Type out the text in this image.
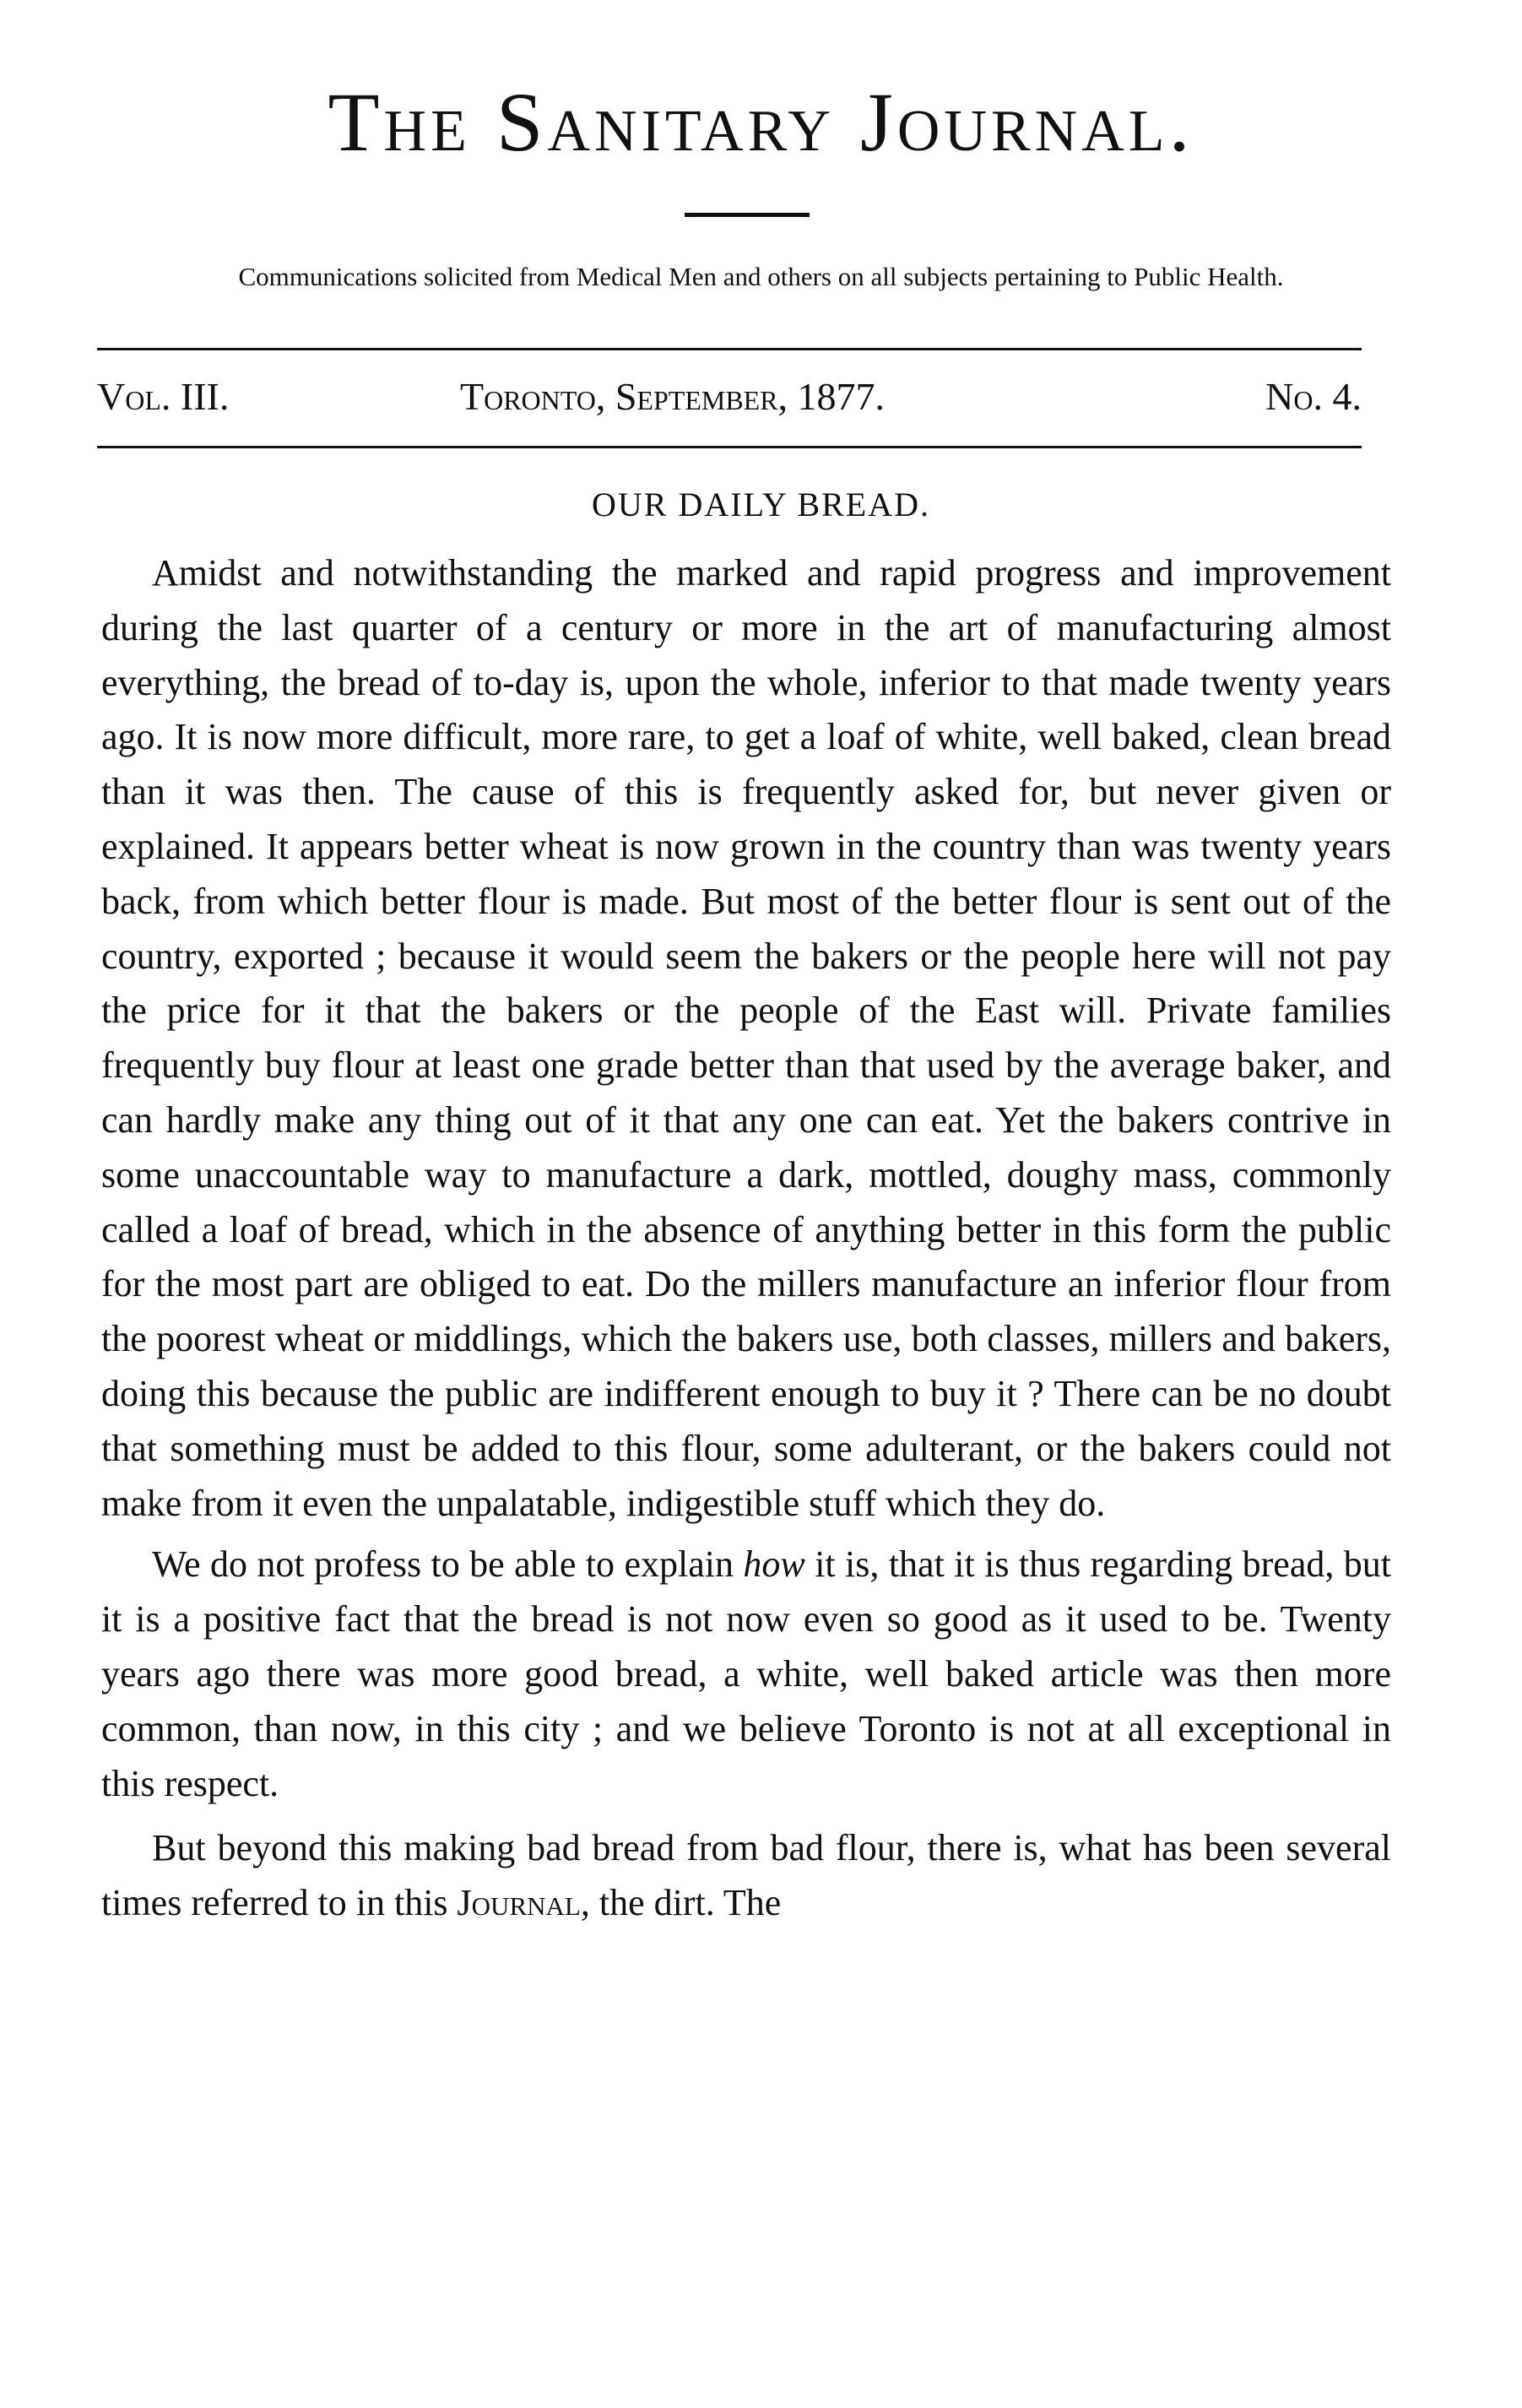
The Sanitary Journal.
Communications solicited from Medical Men and others on all subjects pertaining to Public Health.
Vol. III.	Toronto, September, 1877.	No. 4.
OUR DAILY BREAD.

Amidst and notwithstanding the marked and rapid progress and improvement during the last quarter of a century or more in the art of manufacturing almost everything, the bread of to-day is, upon the whole, inferior to that made twenty years ago. It is now more difficult, more rare, to get a loaf of white, well baked, clean bread than it was then. The cause of this is frequently asked for, but never given or explained. It appears better wheat is now grown in the country than was twenty years back, from which better flour is made. But most of the better flour is sent out of the country, exported ; because it would seem the bakers or the people here will not pay the price for it that the bakers or the people of the East will. Private families frequently buy flour at least one grade better than that used by the average baker, and can hardly make any thing out of it that any one can eat. Yet the bakers contrive in some unaccountable way to manufacture a dark, mottled, doughy mass, commonly called a loaf of bread, which in the absence of anything better in this form the public for the most part are obliged to eat. Do the millers manufacture an inferior flour from the poorest wheat or middlings, which the bakers use, both classes, millers and bakers, doing this because the public are indifferent enough to buy it ? There can be no doubt that something must be added to this flour, some adulterant, or the bakers could not make from it even the unpalatable, indigestible stuff which they do.

We do not profess to be able to explain how it is, that it is thus regarding bread, but it is a positive fact that the bread is not now even so good as it used to be. Twenty years ago there was more good bread, a white, well baked article was then more common, than now, in this city ; and we believe Toronto is not at all exceptional in this respect.

But beyond this making bad bread from bad flour, there is, what has been several times referred to in this Journal, the dirt. The
